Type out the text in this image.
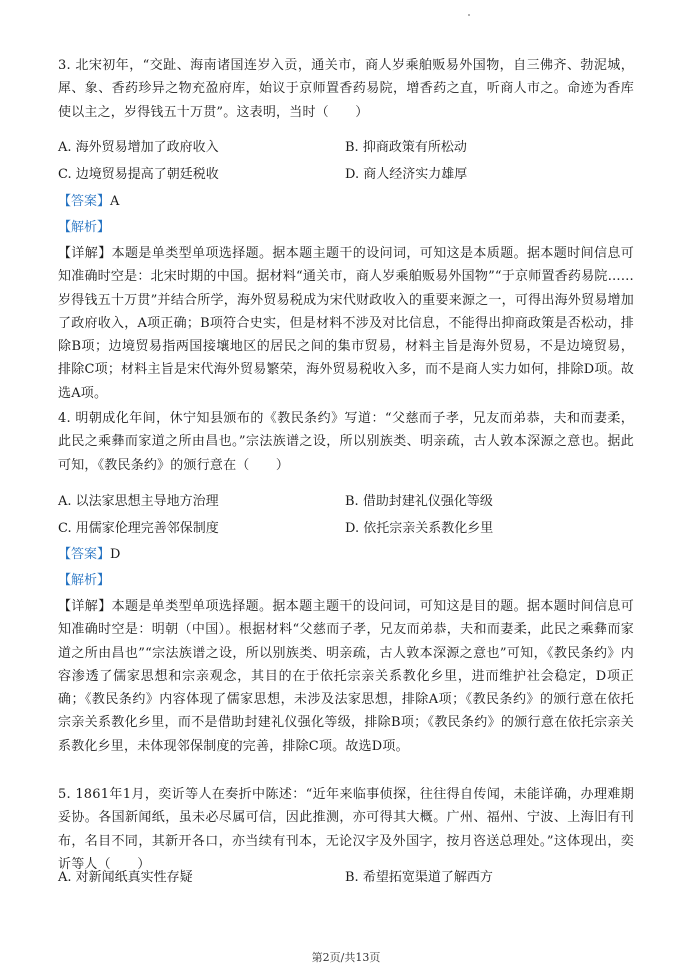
3. 北宋初年，“交趾、海南诸国连岁入贡，通关市，商人岁乘舶贩易外国物，自三佛齐、勃泥城，犀、象、香药珍异之物充盈府库，始议于京师置香药易院，增香药之直，听商人市之。命迹为香库使以主之，岁得钱五十万贯”。这表明，当时（　　）

A. 海外贸易增加了政府收入	B. 抑商政策有所松动

C. 边境贸易提高了朝廷税收	D. 商人经济实力雄厚

【答案】A

【解析】

【详解】本题是单类型单项选择题。据本题主题干的设问词，可知这是本质题。据本题时间信息可知准确时空是：北宋时期的中国。据材料“通关市，商人岁乘舶贩易外国物”“于京师置香药易院……岁得钱五十万贯”并结合所学，海外贸易税成为宋代财政收入的重要来源之一，可得出海外贸易增加了政府收入，A项正确；B项符合史实，但是材料不涉及对比信息，不能得出抑商政策是否松动，排除B项；边境贸易指两国接壤地区的居民之间的集市贸易，材料主旨是海外贸易，不是边境贸易，排除C项；材料主旨是宋代海外贸易繁荣，海外贸易税收入多，而不是商人实力如何，排除D项。故选A项。

4. 明朝成化年间，休宁知县颁布的《教民条约》写道：“父慈而子孝，兄友而弟恭，夫和而妻柔，此民之乘彝而家道之所由昌也。”宗法族谱之设，所以别族类、明亲疏，古人敦本深源之意也。据此可知，《教民条约》的颁行意在（　　）

A. 以法家思想主导地方治理	B. 借助封建礼仪强化等级

C. 用儒家伦理完善邻保制度	D. 依托宗亲关系教化乡里

【答案】D

【解析】

【详解】本题是单类型单项选择题。据本题主题干的设问词，可知这是目的题。据本题时间信息可知准确时空是：明朝（中国）。根据材料“父慈而子孝，兄友而弟恭，夫和而妻柔，此民之乘彝而家道之所由昌也”“宗法族谱之设，所以别族类、明亲疏，古人敦本深源之意也”可知，《教民条约》内容渗透了儒家思想和宗亲观念，其目的在于依托宗亲关系教化乡里，进而维护社会稳定，D项正确；《教民条约》内容体现了儒家思想，未涉及法家思想，排除A项；《教民条约》的颁行意在依托宗亲关系教化乡里，而不是借助封建礼仪强化等级，排除B项；《教民条约》的颁行意在依托宗亲关系教化乡里，未体现邻保制度的完善，排除C项。故选D项。

5. 1861年1月，奕䜣等人在奏折中陈述：“近年来临事侦探，往往得自传闻，未能详确，办理难期妥协。各国新闻纸，虽未必尽属可信，因此推测，亦可得其大概。广州、福州、宁波、上海旧有刊布，名目不同，其新开各口，亦当续有刊本，无论汉字及外国字，按月咨送总理处。”这体现出，奕䜣等人（　　）

A. 对新闻纸真实性存疑	B. 希望拓宽渠道了解西方

第2页/共13页
